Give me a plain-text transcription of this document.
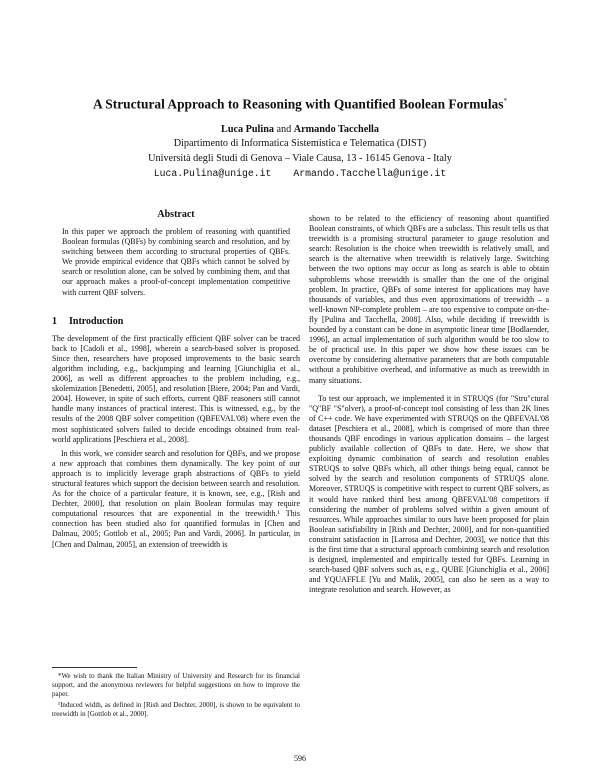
A Structural Approach to Reasoning with Quantified Boolean Formulas*
Luca Pulina and Armando Tacchella
Dipartimento di Informatica Sistemistica e Telematica (DIST)
Università degli Studi di Genova – Viale Causa, 13 - 16145 Genova - Italy
Luca.Pulina@unige.it Armando.Tacchella@unige.it
Abstract

In this paper we approach the problem of reasoning with quantified Boolean formulas (QBFs) by combining search and resolution, and by switching between them according to structural properties of QBFs. We provide empirical evidence that QBFs which cannot be solved by search or resolution alone, can be solved by combining them, and that our approach makes a proof-of-concept implementation competitive with current QBF solvers.

1 Introduction

The development of the first practically efficient QBF solver can be traced back to [Cadoli et al., 1998], wherein a search-based solver is proposed. Since then, researchers have proposed improvements to the basic search algorithm including, e.g., backjumping and learning [Giunchiglia et al., 2006], as well as different approaches to the problem including, e.g., skolemization [Benedetti, 2005], and resolution [Biere, 2004; Pan and Vardi, 2004]. However, in spite of such efforts, current QBF reasoners still cannot handle many instances of practical interest. This is witnessed, e.g., by the results of the 2008 QBF solver competition (QBFEVAL'08) where even the most sophisticated solvers failed to decide encodings obtained from real-world applications [Peschiera et al., 2008].

In this work, we consider search and resolution for QBFs, and we propose a new approach that combines them dynamically. The key point of our approach is to implicitly leverage graph abstractions of QBFs to yield structural features which support the decision between search and resolution. As for the choice of a particular feature, it is known, see, e.g., [Rish and Dechter, 2000], that resolution on plain Boolean formulas may require computational resources that are exponential in the treewidth.¹ This connection has been studied also for quantified formulas in [Chen and Dalmau, 2005; Gottlob et al., 2005; Pan and Vardi, 2006]. In particular, in [Chen and Dalmau, 2005], an extension of treewidth is

*We wish to thank the Italian Ministry of University and Research for its financial support, and the anonymous reviewers for helpful suggestions on how to improve the paper.

¹Induced width, as defined in [Rish and Dechter, 2000], is shown to be equivalent to treewidth in [Gottlob et al., 2000].

shown to be related to the efficiency of reasoning about quantified Boolean constraints, of which QBFs are a subclass. This result tells us that treewidth is a promising structural parameter to gauge resolution and search: Resolution is the choice when treewidth is relatively small, and search is the alternative when treewidth is relatively large. Switching between the two options may occur as long as search is able to obtain subproblems whose treewidth is smaller than the one of the original problem. In practice, QBFs of some interest for applications may have thousands of variables, and thus even approximations of treewidth – a well-known NP-complete problem – are too expensive to compute on-the-fly [Pulina and Tacchella, 2008]. Also, while deciding if treewidth is bounded by a constant can be done in asymptotic linear time [Bodlaender, 1996], an actual implementation of such algorithm would be too slow to be of practical use. In this paper we show how these issues can be overcome by considering alternative parameters that are both computable without a prohibitive overhead, and informative as much as treewidth in many situations.

To test our approach, we implemented it in STRUQS (for "Stru"ctural "Q"BF "S"olver), a proof-of-concept tool consisting of less than 2K lines of C++ code. We have experimented with STRUQS on the QBFEVAL'08 dataset [Peschiera et al., 2008], which is comprised of more than three thousands QBF encodings in various application domains – the largest publicly available collection of QBFs to date. Here, we show that exploiting dynamic combination of search and resolution enables STRUQS to solve QBFs which, all other things being equal, cannot be solved by the search and resolution components of STRUQS alone. Moreover, STRUQS is competitive with respect to current QBF solvers, as it would have ranked third best among QBFEVAL'08 competitors if considering the number of problems solved within a given amount of resources. While approaches similar to ours have been proposed for plain Boolean satisfiability in [Rish and Dechter, 2000], and for non-quantified constraint satisfaction in [Larrosa and Dechter, 2003], we notice that this is the first time that a structural approach combining search and resolution is designed, implemented and empirically tested for QBFs. Learning in search-based QBF solvers such as, e.g., QUBE [Giunchiglia et al., 2006] and YQUAFFLE [Yu and Malik, 2005], can also be seen as a way to integrate resolution and search. However, as

596
